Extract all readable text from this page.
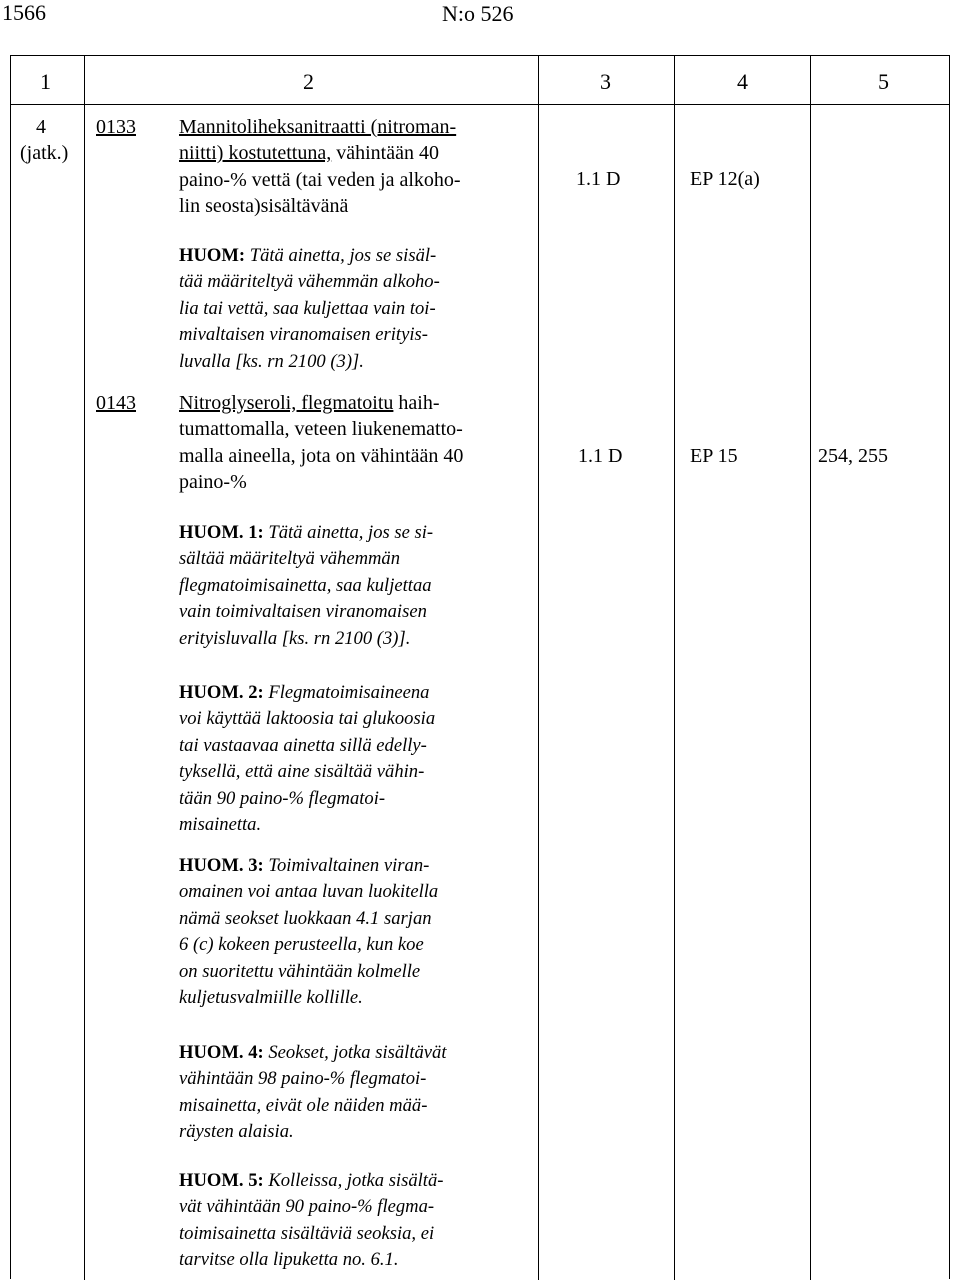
1566	N:o 526
1	2	3	4	5
4
(jatk.)
0133 Mannitoliheksanitraatti (nitroman-
niitti) kostutettuna, vähintään 40
paino-% vettä (tai veden ja alkoho-
lin seosta)sisältävänä
1.1 D	EP 12(a)
HUOM: Tätä ainetta, jos se sisäl-
tää määriteltyä vähemmän alkoho-
lia tai vettä, saa kuljettaa vain toi-
mivaltaisen viranomaisen erityis-
luvalla [ks. rn 2100 (3)].
0143 Nitroglyseroli, flegmatoitu haih-
tumattomalla, veteen liukenematto-
malla aineella, jota on vähintään 40
paino-%
1.1 D	EP 15	254, 255
HUOM. 1: Tätä ainetta, jos se si-
sältää määriteltyä vähemmän
flegmatoimisainetta, saa kuljettaa
vain toimivaltaisen viranomaisen
erityisluvalla [ks. rn 2100 (3)].
HUOM. 2: Flegmatoimisaineena
voi käyttää laktoosia tai glukoosia
tai vastaavaa ainetta sillä edelly-
tyksellä, että aine sisältää vähin-
tään 90 paino-% flegmatoi-
misainetta.
HUOM. 3: Toimivaltainen viran-
omainen voi antaa luvan luokitella
nämä seokset luokkaan 4.1 sarjan
6 (c) kokeen perusteella, kun koe
on suoritettu vähintään kolmelle
kuljetusvalmiille kollille.
HUOM. 4: Seokset, jotka sisältävät
vähintään 98 paino-% flegmatoi-
misainetta, eivät ole näiden mää-
räysten alaisia.
HUOM. 5: Kolleissa, jotka sisältä-
vät vähintään 90 paino-% flegma-
toimisainetta sisältäviä seoksia, ei
tarvitse olla lipuketta no. 6.1.
